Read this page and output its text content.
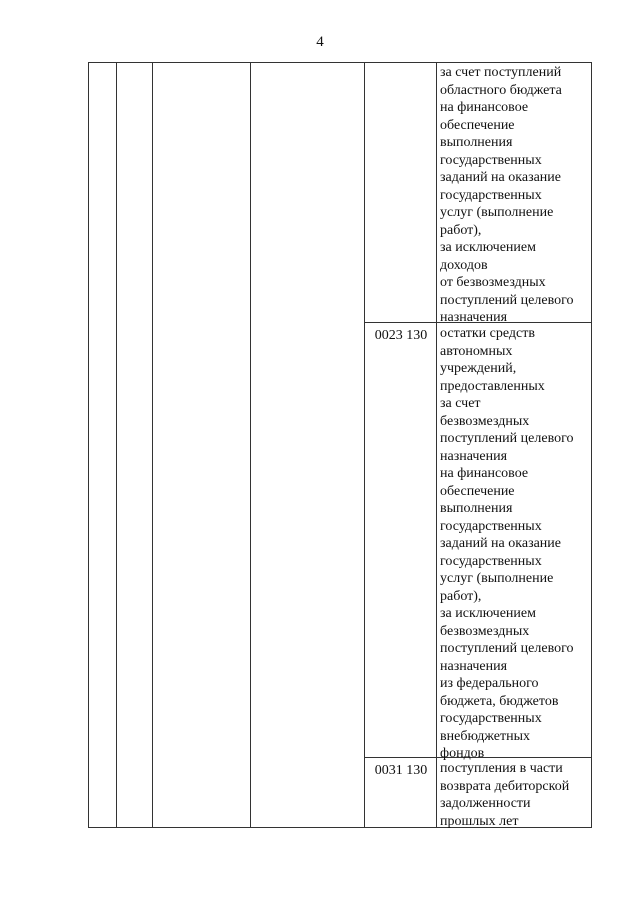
4
за счет поступлений
областного бюджета
на финансовое
обеспечение
выполнения
государственных
заданий на оказание
государственных
услуг (выполнение
работ),
за исключением
доходов
от безвозмездных
поступлений целевого
назначения
0023 130 остатки средств
автономных
учреждений,
предоставленных
за счет
безвозмездных
поступлений целевого
назначения
на финансовое
обеспечение
выполнения
государственных
заданий на оказание
государственных
услуг (выполнение
работ),
за исключением
безвозмездных
поступлений целевого
назначения
из федерального
бюджета, бюджетов
государственных
внебюджетных
фондов
0031 130 поступления в части
возврата дебиторской
задолженности
прошлых лет
